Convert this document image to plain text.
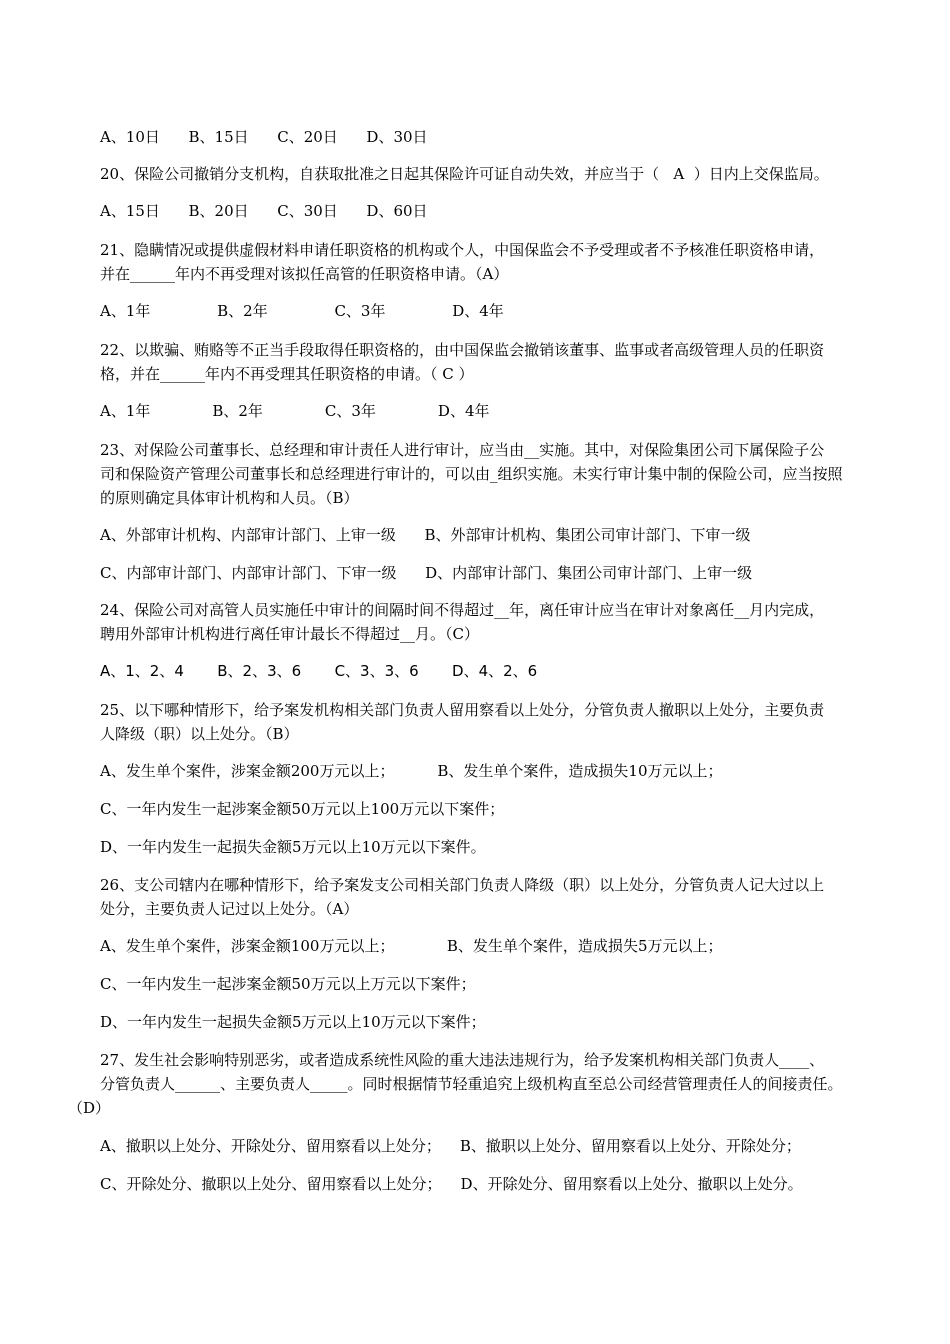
A、10日      B、15日      C、20日      D、30日
20、保险公司撤销分支机构，自获取批准之日起其保险许可证自动失效，并应当于（   A  ）日内上交保监局。
A、15日      B、20日      C、30日      D、60日
21、隐瞒情况或提供虚假材料申请任职资格的机构或个人，中国保监会不予受理或者不予核准任职资格申请，
并在______年内不再受理对该拟任高管的任职资格申请。（A）
A、1年              B、2年              C、3年              D、4年
22、以欺骗、贿赂等不正当手段取得任职资格的，由中国保监会撤销该董事、监事或者高级管理人员的任职资
格，并在______年内不再受理其任职资格的申请。（ C ）
A、1年             B、2年             C、3年             D、4年
23、对保险公司董事长、总经理和审计责任人进行审计，应当由__实施。其中，对保险集团公司下属保险子公
司和保险资产管理公司董事长和总经理进行审计的，可以由_组织实施。未实行审计集中制的保险公司，应当按照
的原则确定具体审计机构和人员。（B）
A、外部审计机构、内部审计部门、上审一级      B、外部审计机构、集团公司审计部门、下审一级
C、内部审计部门、内部审计部门、下审一级      D、内部审计部门、集团公司审计部门、上审一级
24、保险公司对高管人员实施任中审计的间隔时间不得超过__年，离任审计应当在审计对象离任__月内完成，
聘用外部审计机构进行离任审计最长不得超过__月。（C）
A、1、2、4       B、2、3、6       C、3、3、6       D、4、2、6
25、以下哪种情形下，给予案发机构相关部门负责人留用察看以上处分，分管负责人撤职以上处分，主要负责
人降级（职）以上处分。（B）
A、发生单个案件，涉案金额200万元以上；         B、发生单个案件，造成损失10万元以上；
C、一年内发生一起涉案金额50万元以上100万元以下案件；
D、一年内发生一起损失金额5万元以上10万元以下案件。
26、支公司辖内在哪种情形下，给予案发支公司相关部门负责人降级（职）以上处分，分管负责人记大过以上
处分，主要负责人记过以上处分。（A）
A、发生单个案件，涉案金额100万元以上；           B、发生单个案件，造成损失5万元以上；
C、一年内发生一起涉案金额50万元以上万元以下案件；
D、一年内发生一起损失金额5万元以上10万元以下案件；
27、发生社会影响特别恶劣，或者造成系统性风险的重大违法违规行为，给予发案机构相关部门负责人____、
分管负责人______、主要负责人_____。同时根据情节轻重追究上级机构直至总公司经营管理责任人的间接责任。
（D）
A、撤职以上处分、开除处分、留用察看以上处分；    B、撤职以上处分、留用察看以上处分、开除处分；
C、开除处分、撤职以上处分、留用察看以上处分；    D、开除处分、留用察看以上处分、撤职以上处分。
